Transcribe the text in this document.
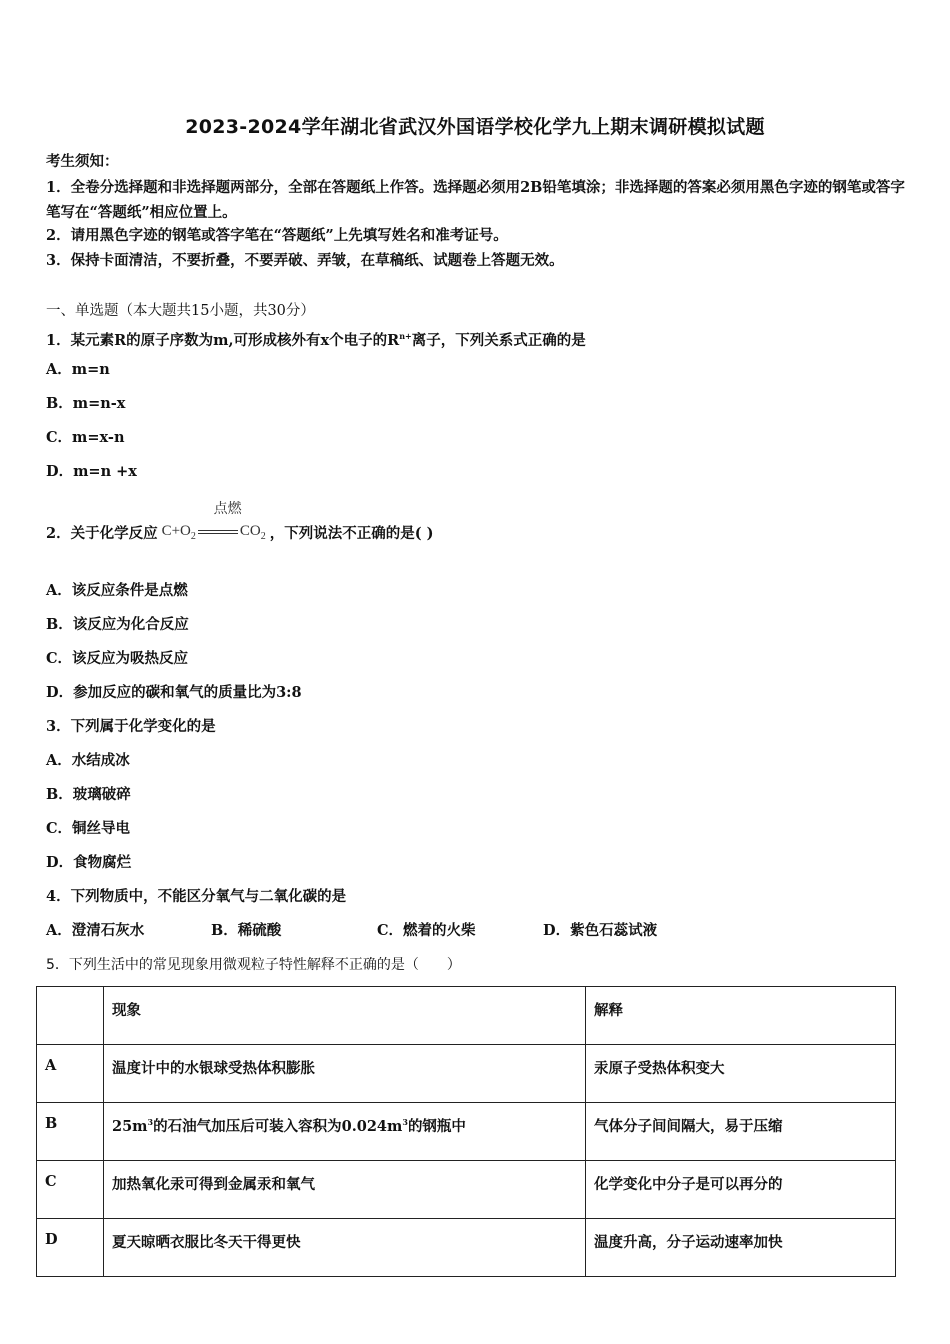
2023-2024学年湖北省武汉外国语学校化学九上期末调研模拟试题
考生须知：
1．全卷分选择题和非选择题两部分，全部在答题纸上作答。选择题必须用2B铅笔填涂；非选择题的答案必须用黑色字迹的钢笔或答字笔写在“答题纸”相应位置上。
2．请用黑色字迹的钢笔或答字笔在“答题纸”上先填写姓名和准考证号。
3．保持卡面清洁，不要折叠，不要弄破、弄皱，在草稿纸、试题卷上答题无效。
一、单选题（本大题共15小题，共30分）
1．某元素R的原子序数为m,可形成核外有x个电子的$R^{n+}$离子，下列关系式正确的是
A．m=n
B．m=n-x
C．m=x-n
D．m=n +x
2．关于化学反应 $C+O_2$
点燃
$CO_2$ ，下列说法不正确的是( )
A．该反应条件是点燃
B．该反应为化合反应
C．该反应为吸热反应
D．参加反应的碳和氧气的质量比为3:8
3．下列属于化学变化的是
A．水结成冰
B．玻璃破碎
C．铜丝导电
D．食物腐烂
4．下列物质中，不能区分氧气与二氧化碳的是
A．澄清石灰水	B．稀硫酸	C．燃着的火柴	D．紫色石蕊试液
5．下列生活中的常见现象用微观粒子特性解释不正确的是（　　）
	现象	解释
A	温度计中的水银球受热体积膨胀	汞原子受热体积变大
B	$25m^3$的石油气加压后可装入容积为$0.024m^3$的钢瓶中	气体分子间间隔大，易于压缩
C	加热氧化汞可得到金属汞和氧气	化学变化中分子是可以再分的
D	夏天晾晒衣服比冬天干得更快	温度升高，分子运动速率加快
